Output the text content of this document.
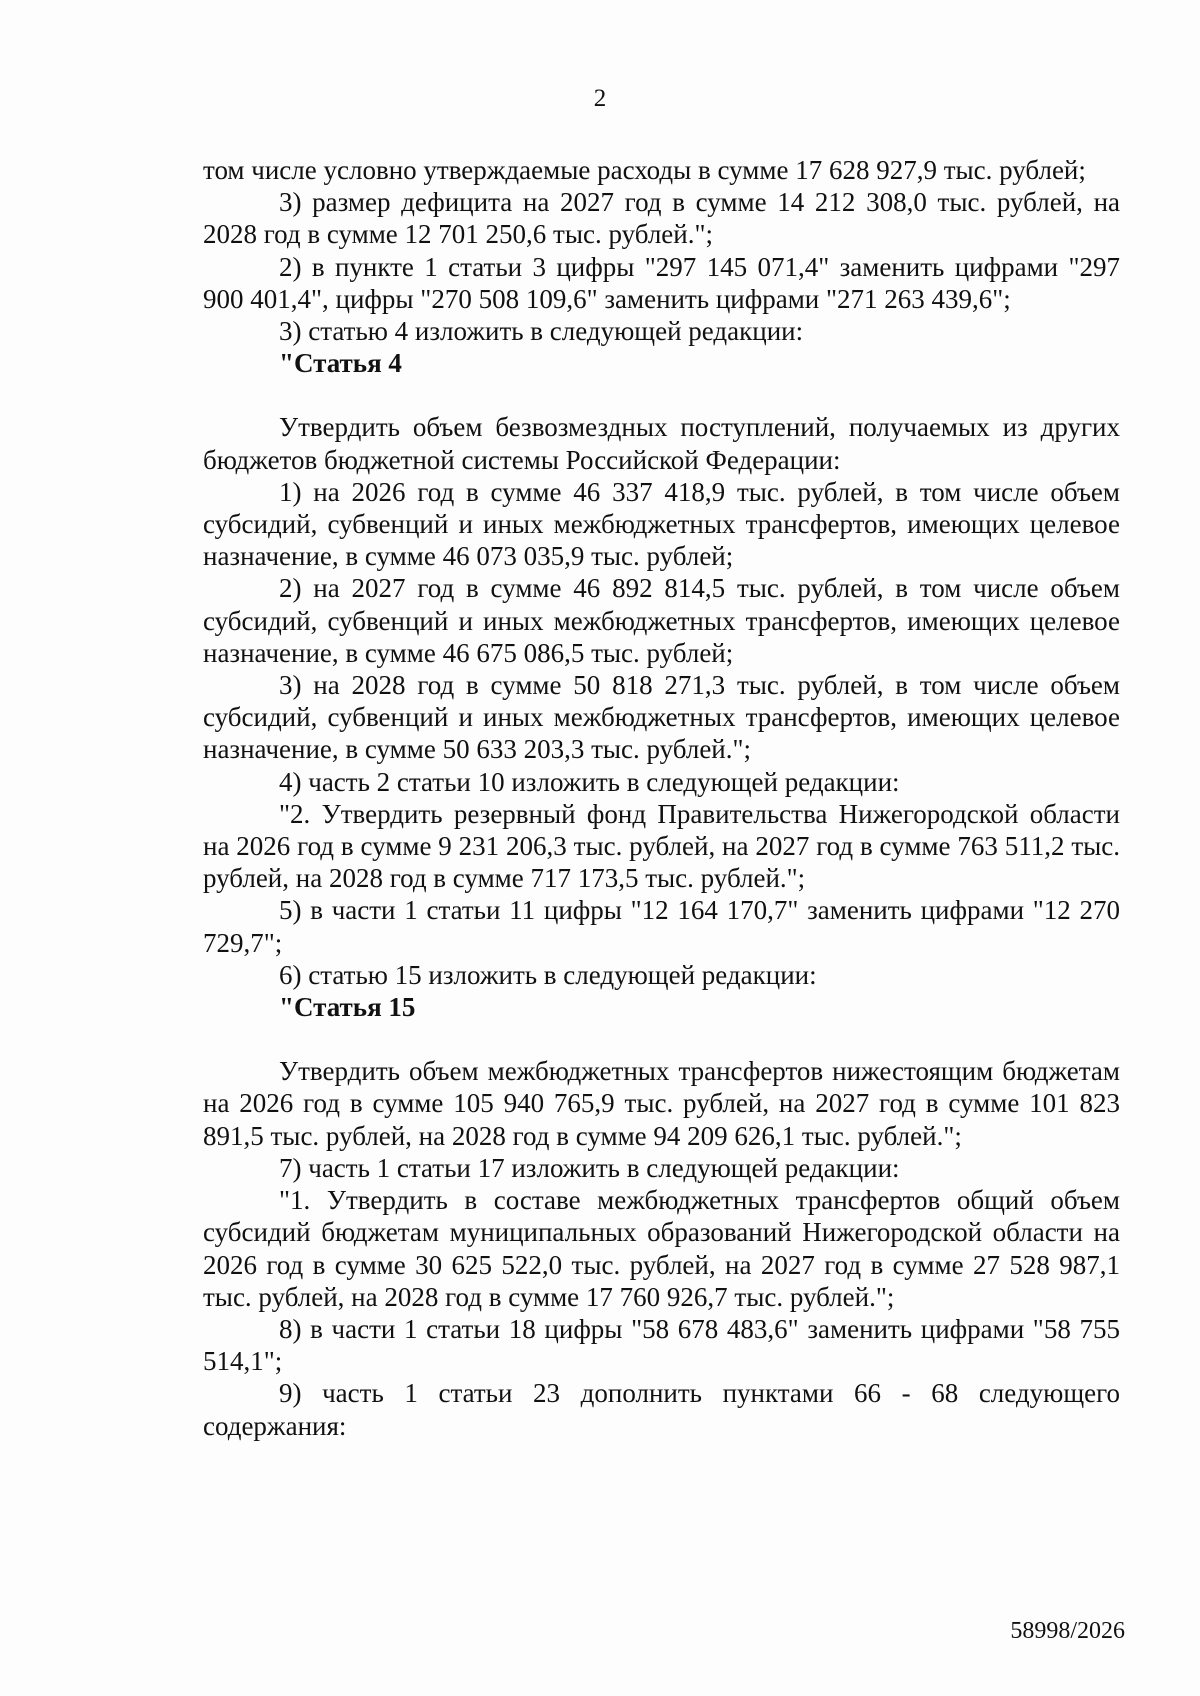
2

том числе условно утверждаемые расходы в сумме 17 628 927,9 тыс. рублей;

3) размер дефицита на 2027 год в сумме 14 212 308,0 тыс. рублей, на 2028 год в сумме 12 701 250,6 тыс. рублей.";

2) в пункте 1 статьи 3 цифры "297 145 071,4" заменить цифрами "297 900 401,4", цифры "270 508 109,6" заменить цифрами "271 263 439,6";

3) статью 4 изложить в следующей редакции:

"Статья 4

Утвердить объем безвозмездных поступлений, получаемых из других бюджетов бюджетной системы Российской Федерации:

1) на 2026 год в сумме 46 337 418,9 тыс. рублей, в том числе объем субсидий, субвенций и иных межбюджетных трансфертов, имеющих целевое назначение, в сумме 46 073 035,9 тыс. рублей;

2) на 2027 год в сумме 46 892 814,5 тыс. рублей, в том числе объем субсидий, субвенций и иных межбюджетных трансфертов, имеющих целевое назначение, в сумме 46 675 086,5 тыс. рублей;

3) на 2028 год в сумме 50 818 271,3 тыс. рублей, в том числе объем субсидий, субвенций и иных межбюджетных трансфертов, имеющих целевое назначение, в сумме 50 633 203,3 тыс. рублей.";

4) часть 2 статьи 10 изложить в следующей редакции:

"2. Утвердить резервный фонд Правительства Нижегородской области на 2026 год в сумме 9 231 206,3 тыс. рублей, на 2027 год в сумме 763 511,2 тыс. рублей, на 2028 год в сумме 717 173,5 тыс. рублей.";

5) в части 1 статьи 11 цифры "12 164 170,7" заменить цифрами "12 270 729,7";

6) статью 15 изложить в следующей редакции:

"Статья 15

Утвердить объем межбюджетных трансфертов нижестоящим бюджетам на 2026 год в сумме 105 940 765,9 тыс. рублей, на 2027 год в сумме 101 823 891,5 тыс. рублей, на 2028 год в сумме 94 209 626,1 тыс. рублей.";

7) часть 1 статьи 17 изложить в следующей редакции:

"1. Утвердить в составе межбюджетных трансфертов общий объем субсидий бюджетам муниципальных образований Нижегородской области на 2026 год в сумме 30 625 522,0 тыс. рублей, на 2027 год в сумме 27 528 987,1 тыс. рублей, на 2028 год в сумме 17 760 926,7 тыс. рублей.";

8) в части 1 статьи 18 цифры "58 678 483,6" заменить цифрами "58 755 514,1";

9) часть 1 статьи 23 дополнить пунктами 66 - 68 следующего содержания:

58998/2026
